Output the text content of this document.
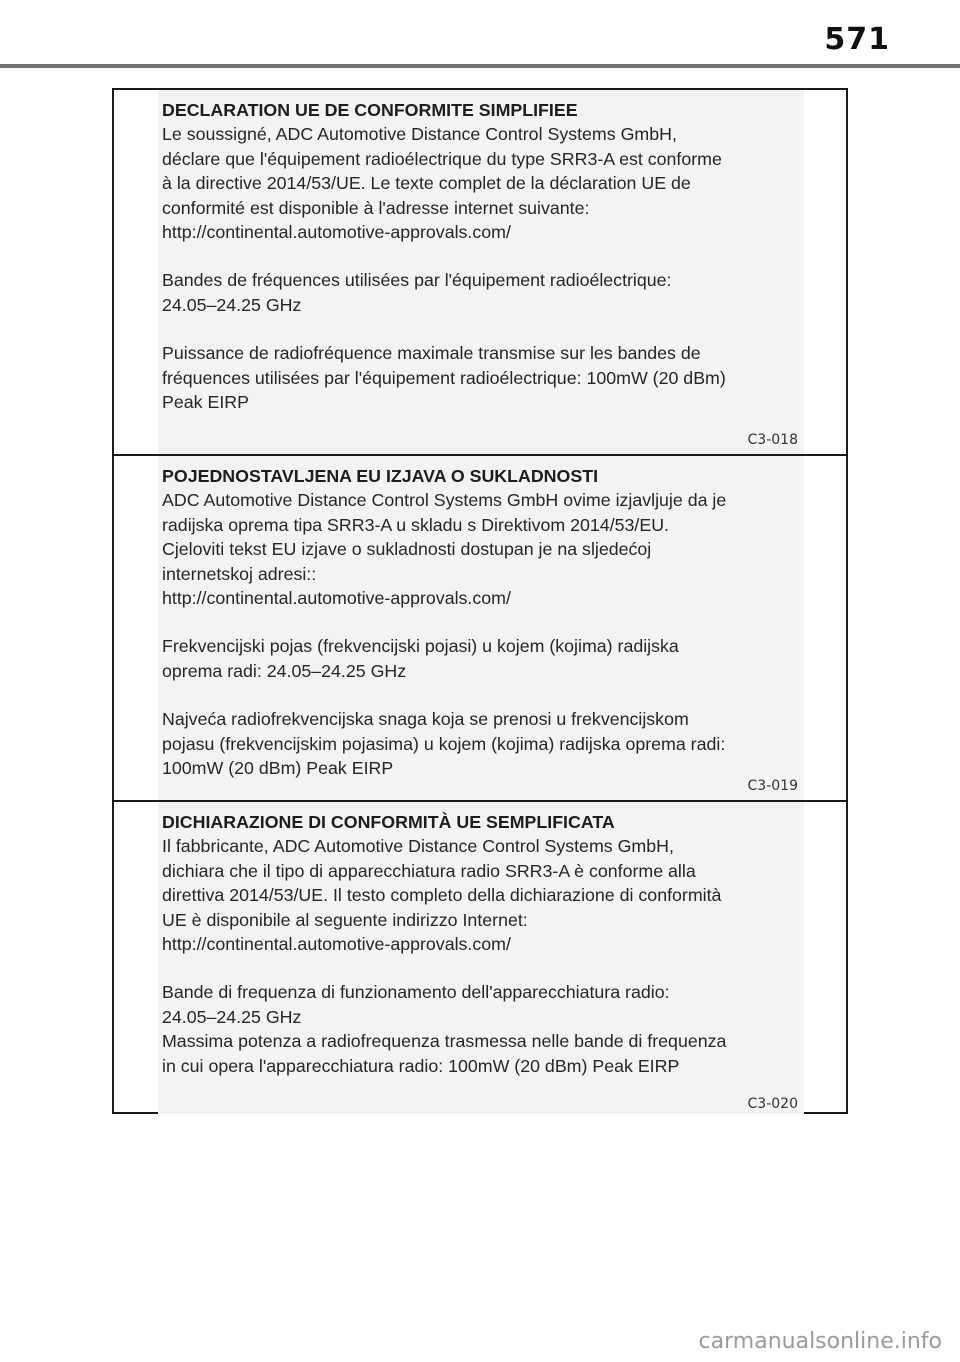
571

DECLARATION UE DE CONFORMITE SIMPLIFIEE

Le soussigné, ADC Automotive Distance Control Systems GmbH,

déclare que l'équipement radioélectrique du type SRR3-A est conforme

à la directive 2014/53/UE. Le texte complet de la déclaration UE de

conformité est disponible à l'adresse internet suivante:

http://continental.automotive-approvals.com/

Bandes de fréquences utilisées par l'équipement radioélectrique:

24.05–24.25 GHz

Puissance de radiofréquence maximale transmise sur les bandes de

fréquences utilisées par l'équipement radioélectrique: 100mW (20 dBm)

Peak EIRP

C3-018

POJEDNOSTAVLJENA EU IZJAVA O SUKLADNOSTI

ADC Automotive Distance Control Systems GmbH ovime izjavljuje da je

radijska oprema tipa SRR3-A u skladu s Direktivom 2014/53/EU.

Cjeloviti tekst EU izjave o sukladnosti dostupan je na sljedećoj

internetskoj adresi::

http://continental.automotive-approvals.com/

Frekvencijski pojas (frekvencijski pojasi) u kojem (kojima) radijska

oprema radi: 24.05–24.25 GHz

Najveća radiofrekvencijska snaga koja se prenosi u frekvencijskom

pojasu (frekvencijskim pojasima) u kojem (kojima) radijska oprema radi:

100mW (20 dBm) Peak EIRP

C3-019

DICHIARAZIONE DI CONFORMITÀ UE SEMPLIFICATA

Il fabbricante, ADC Automotive Distance Control Systems GmbH,

dichiara che il tipo di apparecchiatura radio SRR3-A è conforme alla

direttiva 2014/53/UE. Il testo completo della dichiarazione di conformità

UE è disponibile al seguente indirizzo Internet:

http://continental.automotive-approvals.com/

Bande di frequenza di funzionamento dell'apparecchiatura radio:

24.05–24.25 GHz

Massima potenza a radiofrequenza trasmessa nelle bande di frequenza

in cui opera l'apparecchiatura radio: 100mW (20 dBm) Peak EIRP

C3-020
carmanualsonline.info
